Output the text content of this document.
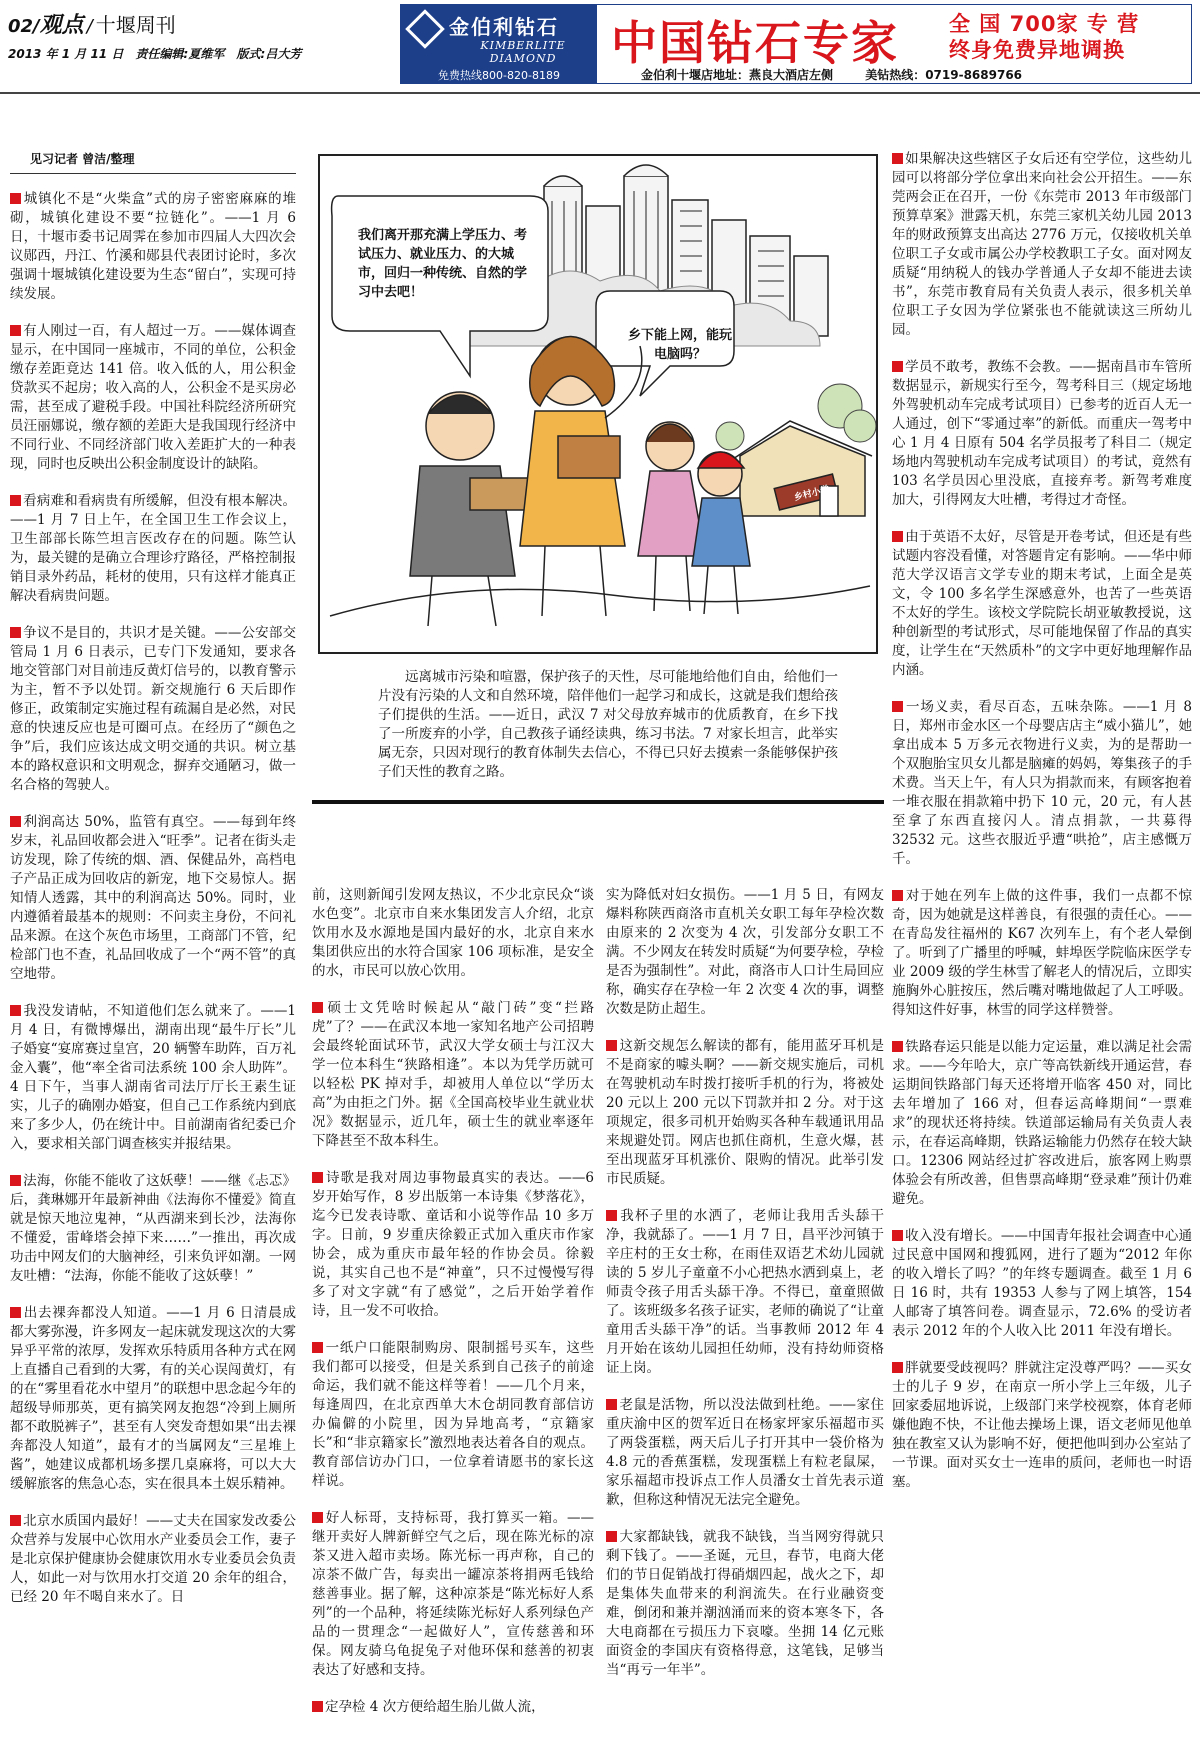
02/观点 / 十堰周刊
2013 年 1 月 11 日 责任编辑:夏维军 版式:吕大芳
金伯利钻石
KIMBERLITE DIAMOND
免费热线800-820-8189
中国钻石专家 全 国 700家 专 营
终身免费异地调换
金伯利十堰店地址：燕良大酒店左侧	美钻热线：0719-8689766
见习记者 曾洁/整理

城镇化不是“火柴盒”式的房子密密麻麻的堆砌，城镇化建设不要“拉链化”。——1 月 6 日，十堰市委书记周霁在参加市四届人大四次会议郧西，丹江、竹溪和郧县代表团讨论时，多次强调十堰城镇化建设要为生态“留白”，实现可持续发展。

有人刚过一百，有人超过一万。——媒体调查显示，在中国同一座城市，不同的单位，公积金缴存差距竟达 141 倍。收入低的人，用公积金贷款买不起房；收入高的人，公积金不是买房必需，甚至成了避税手段。中国社科院经济所研究员汪丽娜说，缴存额的差距大是我国现行经济中不同行业、不同经济部门收入差距扩大的一种表现，同时也反映出公积金制度设计的缺陷。

看病难和看病贵有所缓解，但没有根本解决。——1 月 7 日上午，在全国卫生工作会议上，卫生部部长陈竺坦言医改存在的问题。陈竺认为，最关键的是确立合理诊疗路径，严格控制报销目录外药品，耗材的使用，只有这样才能真正解决看病贵问题。

争议不是目的，共识才是关键。——公安部交管局 1 月 6 日表示，已专门下发通知，要求各地交管部门对目前违反黄灯信号的，以教育警示为主，暂不予以处罚。新交规施行 6 天后即作修正，政策制定实施过程有疏漏自是必然，对民意的快速反应也是可圈可点。在经历了“颜色之争”后，我们应该达成文明交通的共识。树立基本的路权意识和文明观念，摒弃交通陋习，做一名合格的驾驶人。

利润高达 50%，监管有真空。——每到年终岁末，礼品回收都会进入“旺季”。记者在街头走访发现，除了传统的烟、酒、保健品外，高档电子产品正成为回收店的新宠，地下交易惊人。据知情人透露，其中的利润高达 50%。同时，业内遵循着最基本的规则：不问卖主身份，不问礼品来源。在这个灰色市场里，工商部门不管，纪检部门也不查，礼品回收成了一个“两不管”的真空地带。

我没发请帖，不知道他们怎么就来了。——1 月 4 日，有微博爆出，湖南出现“最牛厅长”儿子婚宴“宴席赛过皇宫，20 辆警车助阵，百万礼金入囊”，他“率全省司法系统 100 余人助阵”。4 日下午，当事人湖南省司法厅厅长王素生证实，儿子的确刚办婚宴，但自己工作系统内到底来了多少人，仍在统计中。目前湖南省纪委已介入，要求相关部门调查核实并报结果。

法海，你能不能收了这妖孽！——继《忐忑》后，龚琳娜开年最新神曲《法海你不懂爱》简直就是惊天地泣鬼神，“从西湖来到长沙，法海你不懂爱，雷峰塔会掉下来……”一推出，再次成功击中网友们的大脑神经，引来负评如潮。一网友吐槽：“法海，你能不能收了这妖孽！”

出去裸奔都没人知道。——1 月 6 日清晨成都大雾弥漫，许多网友一起床就发现这次的大雾异乎平常的浓厚，发挥欢乐特质用各种方式在网上直播自己看到的大雾，有的关心误闯黄灯，有的在“雾里看花水中望月”的联想中思念起今年的超级导师那英，更有搞笑网友抱怨“冷到上厕所都不敢脱裤子”，甚至有人突发奇想如果“出去裸奔都没人知道”，最有才的当属网友“三星堆上酱”，她建议成都机场多摆几桌麻将，可以大大缓解旅客的焦急心态，实在很具本土娱乐精神。

北京水质国内最好！——丈夫在国家发改委公众营养与发展中心饮用水产业委员会工作，妻子是北京保护健康协会健康饮用水专业委员会负责人，如此一对与饮用水打交道 20 余年的组合，已经 20 年不喝自来水了。日

我们离开那充满上学压力、考试压力、就业压力、的大城市，回归一种传统、自然的学习中去吧！
乡下能上网，能玩电脑吗？
乡村小学
远离城市污染和喧嚣，保护孩子的天性，尽可能地给他们自由，给他们一片没有污染的人文和自然环境，陪伴他们一起学习和成长，这就是我们想给孩子们提供的生活。——近日，武汉 7 对父母放弃城市的优质教育，在乡下找了一所废弃的小学，自己教孩子诵经读典，练习书法。7 对家长坦言，此举实属无奈，只因对现行的教育体制失去信心，不得已只好去摸索一条能够保护孩子们天性的教育之路。

前，这则新闻引发网友热议，不少北京民众“谈水色变”。北京市自来水集团发言人介绍，北京饮用水及水源地是国内最好的水，北京自来水集团供应出的水符合国家 106 项标准，是安全的水，市民可以放心饮用。

硕士文凭啥时候起从“敲门砖”变“拦路虎”了？——在武汉本地一家知名地产公司招聘会最终轮面试环节，武汉大学女硕士与江汉大学一位本科生“狭路相逢”。本以为凭学历就可以轻松 PK 掉对手，却被用人单位以“学历太高”为由拒之门外。据《全国高校毕业生就业状况》数据显示，近几年，硕士生的就业率逐年下降甚至不敌本科生。

诗歌是我对周边事物最真实的表达。——6 岁开始写作，8 岁出版第一本诗集《梦落花》，迄今已发表诗歌、童话和小说等作品 10 多万字。日前，9 岁重庆徐毅正式加入重庆市作家协会，成为重庆市最年轻的作协会员。徐毅说，其实自己也不是“神童”，只不过慢慢写得多了对文字就“有了感觉”，之后开始学着作诗，且一发不可收拾。

一纸户口能限制购房、限制摇号买车，这些我们都可以接受，但是关系到自己孩子的前途命运，我们就不能这样等着！——几个月来，每逢周四，在北京西单大木仓胡同教育部信访办偏僻的小院里，因为异地高考，“京籍家长”和“非京籍家长”激烈地表达着各自的观点。教育部信访办门口，一位拿着请愿书的家长这样说。

好人标哥，支持标哥，我打算买一箱。——继开卖好人牌新鲜空气之后，现在陈光标的凉茶又进入超市卖场。陈光标一再声称，自己的凉茶不做广告，每卖出一罐凉茶将捐两毛钱给慈善事业。据了解，这种凉茶是“陈光标好人系列”的一个品种，将延续陈光标好人系列绿色产品的一贯理念“一起做好人”，宣传慈善和环保。网友骑乌龟捉兔子对他环保和慈善的初衷表达了好感和支持。

定孕检 4 次方便给超生胎儿做人流，

实为降低对妇女损伤。——1 月 5 日，有网友爆料称陕西商洛市直机关女职工每年孕检次数由原来的 2 次变为 4 次，引发部分女职工不满。不少网友在转发时质疑“为何要孕检，孕检是否为强制性”。对此，商洛市人口计生局回应称，确实存在孕检一年 2 次变 4 次的事，调整次数是防止超生。

这新交规怎么解读的都有，能用蓝牙耳机是不是商家的噱头啊？——新交规实施后，司机在驾驶机动车时拨打接听手机的行为，将被处 20 元以上 200 元以下罚款并扣 2 分。对于这项规定，很多司机开始购买各种车载通讯用品来规避处罚。网店也抓住商机，生意火爆，甚至出现蓝牙耳机涨价、限购的情况。此举引发市民质疑。

我杯子里的水洒了，老师让我用舌头舔干净，我就舔了。——1 月 7 日，昌平沙河镇于辛庄村的王女士称，在雨佳双语艺术幼儿园就读的 5 岁儿子童童不小心把热水洒到桌上，老师责令孩子用舌头舔干净。不得已，童童照做了。该班级多名孩子证实，老师的确说了“让童童用舌头舔干净”的话。当事教师 2012 年 4 月开始在该幼儿园担任幼师，没有持幼师资格证上岗。

老鼠是活物，所以没法做到杜绝。——家住重庆渝中区的贺军近日在杨家坪家乐福超市买了两袋蛋糕，两天后儿子打开其中一袋价格为 4.8 元的香蕉蛋糕，发现蛋糕上有粒老鼠屎，家乐福超市投诉点工作人员潘女士首先表示道歉，但称这种情况无法完全避免。

大家都缺钱，就我不缺钱，当当网穷得就只剩下钱了。——圣诞，元旦，春节，电商大佬们的节日促销战打得硝烟四起，战火之下，却是集体失血带来的利润流失。在行业融资变难，倒闭和兼并潮汹涌而来的资本寒冬下，各大电商都在亏损压力下哀嚎。坐拥 14 亿元账面资金的李国庆有资格得意，这笔钱，足够当当“再亏一年半”。

如果解决这些辖区子女后还有空学位，这些幼儿园可以将部分学位拿出来向社会公开招生。——东莞两会正在召开，一份《东莞市 2013 年市级部门预算草案》泄露天机，东莞三家机关幼儿园 2013 年的财政预算支出高达 2776 万元，仅接收机关单位职工子女或市属公办学校教职工子女。面对网友质疑“用纳税人的钱办学普通人子女却不能进去读书”，东莞市教育局有关负责人表示，很多机关单位职工子女因为学位紧张也不能就读这三所幼儿园。

学员不敢考，教练不会教。——据南昌市车管所数据显示，新规实行至今，驾考科目三（规定场地外驾驶机动车完成考试项目）已参考的近百人无一人通过，创下“零通过率”的新低。而重庆一驾考中心 1 月 4 日原有 504 名学员报考了科目二（规定场地内驾驶机动车完成考试项目）的考试，竟然有 103 名学员因心里没底，直接弃考。新驾考难度加大，引得网友大吐槽，考得过才奇怪。

由于英语不太好，尽管是开卷考试，但还是有些试题内容没看懂，对答题肯定有影响。——华中师范大学汉语言文学专业的期末考试，上面全是英文，令 100 多名学生深感意外，也苦了一些英语不太好的学生。该校文学院院长胡亚敏教授说，这种创新型的考试形式，尽可能地保留了作品的真实度，让学生在“天然质朴”的文字中更好地理解作品内涵。

一场义卖，看尽百态，五味杂陈。——1 月 8 日，郑州市金水区一个母婴店店主“威小猫儿”，她拿出成本 5 万多元衣物进行义卖，为的是帮助一个双胞胎宝贝女儿都是脑瘫的妈妈，筹集孩子的手术费。当天上午，有人只为捐款而来，有顾客抱着一堆衣服在捐款箱中扔下 10 元，20 元，有人甚至拿了东西直接闪人。清点捐款，一共募得 32532 元。这些衣服近乎遭“哄抢”，店主感慨万千。

对于她在列车上做的这件事，我们一点都不惊奇，因为她就是这样善良，有很强的责任心。——在青岛发往福州的 K67 次列车上，有个老人晕倒了。听到了广播里的呼喊，蚌埠医学院临床医学专业 2009 级的学生林雪了解老人的情况后，立即实施胸外心脏按压，然后嘴对嘴地做起了人工呼吸。得知这件好事，林雪的同学这样赞誉。

铁路春运只能是以能力定运量，难以满足社会需求。——今年哈大，京广等高铁新线开通运营，春运期间铁路部门每天还将增开临客 450 对，同比去年增加了 166 对，但春运高峰期间“一票难求”的现状还将持续。铁道部运输局有关负责人表示，在春运高峰期，铁路运输能力仍然存在较大缺口。12306 网站经过扩容改进后，旅客网上购票体验会有所改善，但售票高峰期“登录难”预计仍难避免。

收入没有增长。——中国青年报社会调查中心通过民意中国网和搜狐网，进行了题为“2012 年你的收入增长了吗？”的年终专题调查。截至 1 月 6 日 16 时，共有 19353 人参与了网上填答，154 人邮寄了填答问卷。调查显示，72.6% 的受访者表示 2012 年的个人收入比 2011 年没有增长。

胖就要受歧视吗？胖就注定没尊严吗？——买女士的儿子 9 岁，在南京一所小学上三年级，儿子回家委屈地诉说，上级部门来学校视察，体育老师嫌他跑不快，不让他去操场上课，语文老师见他单独在教室又认为影响不好，便把他叫到办公室站了一节课。面对买女士一连串的质问，老师也一时语塞。
